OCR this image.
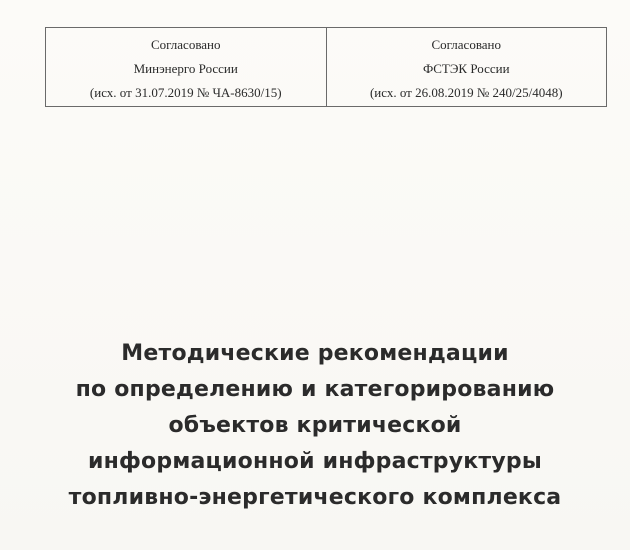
Согласовано
Минэнерго России
(исх. от 31.07.2019 № ЧА-8630/15)
Согласовано
ФСТЭК России
(исх. от 26.08.2019 № 240/25/4048)
Методические рекомендации
по определению и категорированию
объектов критической
информационной инфраструктуры
топливно-энергетического комплекса
